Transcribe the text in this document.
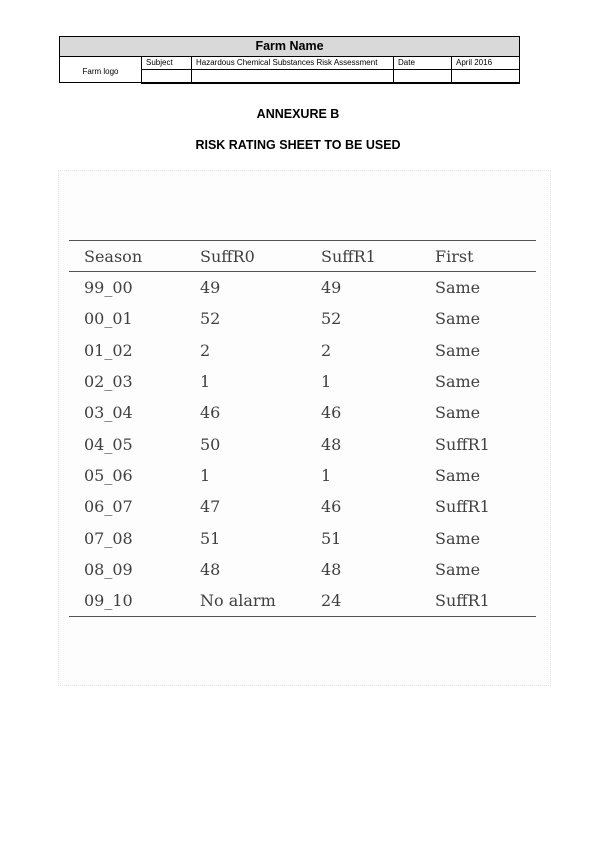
Farm Name				
Farm logo	Subject	Hazardous Chemical Substances Risk Assessment	Date	April 2016

ANNEXURE B
RISK RATING SHEET TO BE USED
Season	SuffR0	SuffR1	First
99_00	49	49	Same
00_01	52	52	Same
01_02	2	2	Same
02_03	1	1	Same
03_04	46	46	Same
04_05	50	48	SuffR1
05_06	1	1	Same
06_07	47	46	SuffR1
07_08	51	51	Same
08_09	48	48	Same
09_10	No alarm	24	SuffR1
